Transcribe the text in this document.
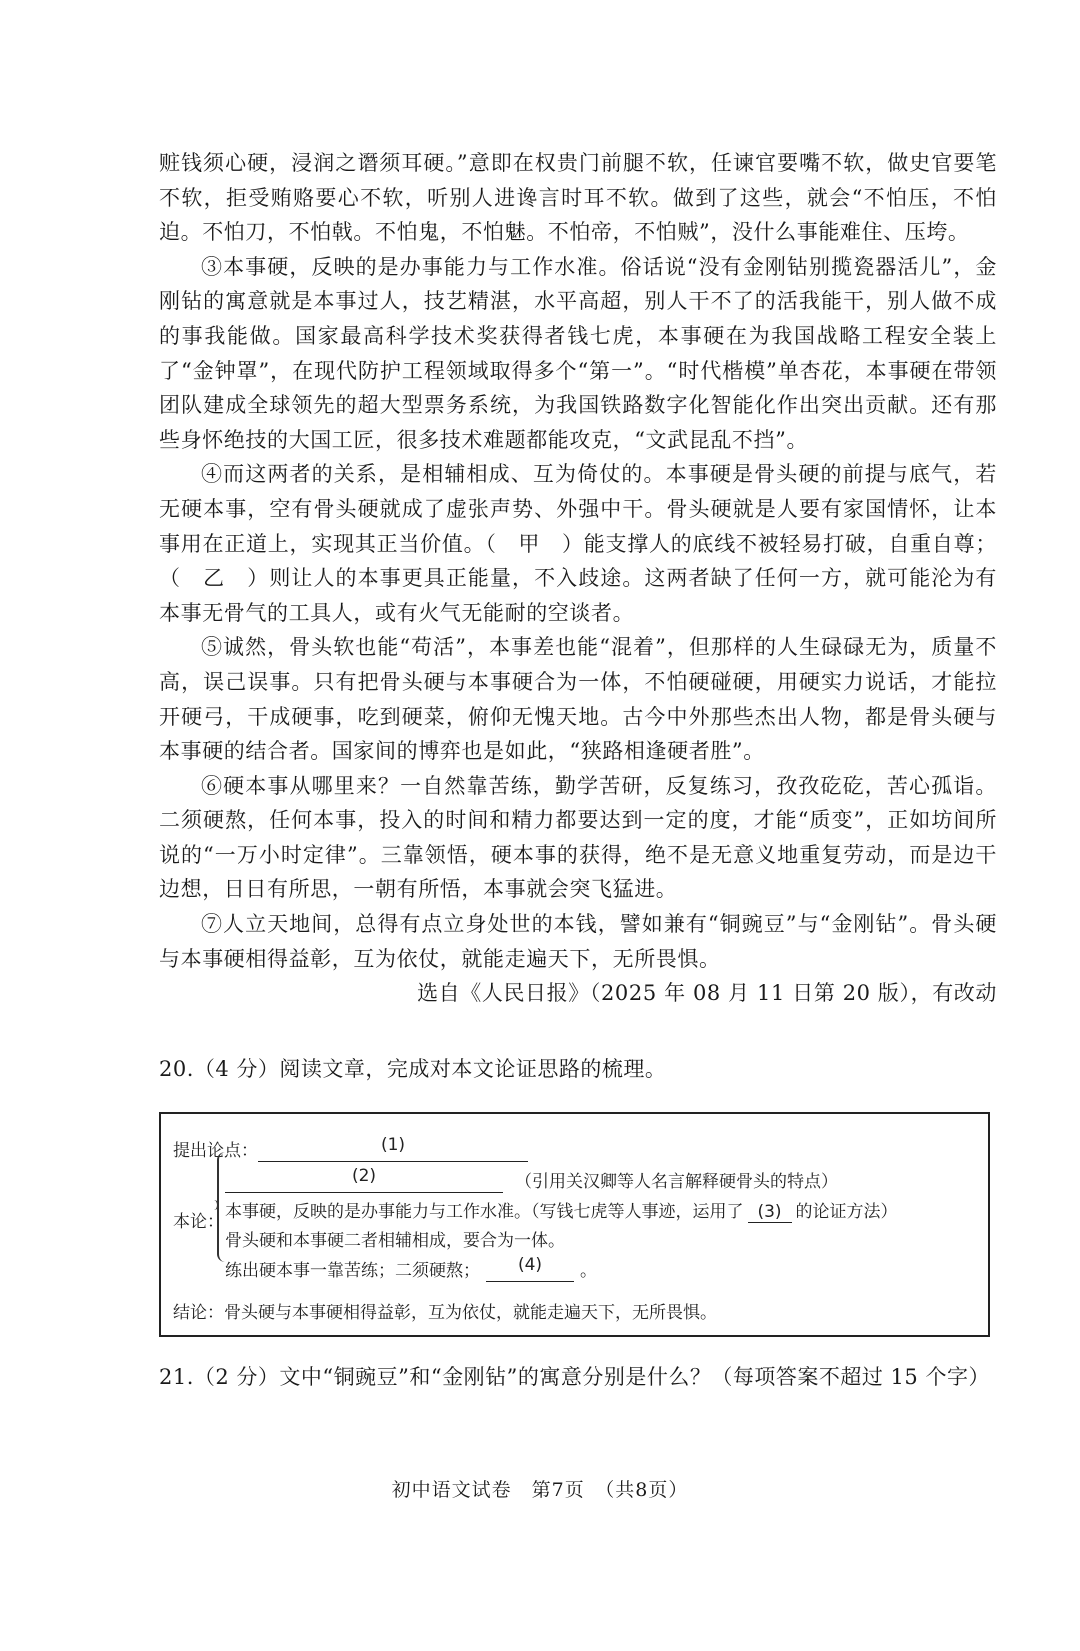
赃钱须心硬，浸润之谮须耳硬。”意即在权贵门前腿不软，任谏官要嘴不软，做史官要笔不软，拒受贿赂要心不软，听别人进谗言时耳不软。做到了这些，就会“不怕压，不怕迫。不怕刀，不怕戟。不怕鬼，不怕魅。不怕帝，不怕贼”，没什么事能难住、压垮。

③本事硬，反映的是办事能力与工作水准。俗话说“没有金刚钻别揽瓷器活儿”，金刚钻的寓意就是本事过人，技艺精湛，水平高超，别人干不了的活我能干，别人做不成的事我能做。国家最高科学技术奖获得者钱七虎，本事硬在为我国战略工程安全装上了“金钟罩”，在现代防护工程领域取得多个“第一”。“时代楷模”单杏花，本事硬在带领团队建成全球领先的超大型票务系统，为我国铁路数字化智能化作出突出贡献。还有那些身怀绝技的大国工匠，很多技术难题都能攻克，“文武昆乱不挡”。

④而这两者的关系，是相辅相成、互为倚仗的。本事硬是骨头硬的前提与底气，若无硬本事，空有骨头硬就成了虚张声势、外强中干。骨头硬就是人要有家国情怀，让本事用在正道上，实现其正当价值。（　甲　）能支撑人的底线不被轻易打破，自重自尊；（　乙　）则让人的本事更具正能量，不入歧途。这两者缺了任何一方，就可能沦为有本事无骨气的工具人，或有火气无能耐的空谈者。

⑤诚然，骨头软也能“苟活”，本事差也能“混着”，但那样的人生碌碌无为，质量不高，误己误事。只有把骨头硬与本事硬合为一体，不怕硬碰硬，用硬实力说话，才能拉开硬弓，干成硬事，吃到硬菜，俯仰无愧天地。古今中外那些杰出人物，都是骨头硬与本事硬的结合者。国家间的博弈也是如此，“狭路相逢硬者胜”。

⑥硬本事从哪里来？一自然靠苦练，勤学苦研，反复练习，孜孜矻矻，苦心孤诣。二须硬熬，任何本事，投入的时间和精力都要达到一定的度，才能“质变”，正如坊间所说的“一万小时定律”。三靠领悟，硬本事的获得，绝不是无意义地重复劳动，而是边干边想，日日有所思，一朝有所悟，本事就会突飞猛进。

⑦人立天地间，总得有点立身处世的本钱，譬如兼有“铜豌豆”与“金刚钻”。骨头硬与本事硬相得益彰，互为依仗，就能走遍天下，无所畏惧。

选自《人民日报》（2025 年 08 月 11 日第 20 版），有改动

20.（4 分）阅读文章，完成对本文论证思路的梳理。
提出论点：	(1)
本论：
(2)	（引用关汉卿等人名言解释硬骨头的特点）
本事硬，反映的是办事能力与工作水准。（写钱七虎等人事迹，运用了 (3) 的论证方法）
骨头硬和本事硬二者相辅相成，要合为一体。
练出硬本事一靠苦练；二须硬熬； (4) 。
结论：骨头硬与本事硬相得益彰，互为依仗，就能走遍天下，无所畏惧。
21.（2 分）文中“铜豌豆”和“金刚钻”的寓意分别是什么？（每项答案不超过 15 个字）
初中语文试卷　第7页　（共8页）
